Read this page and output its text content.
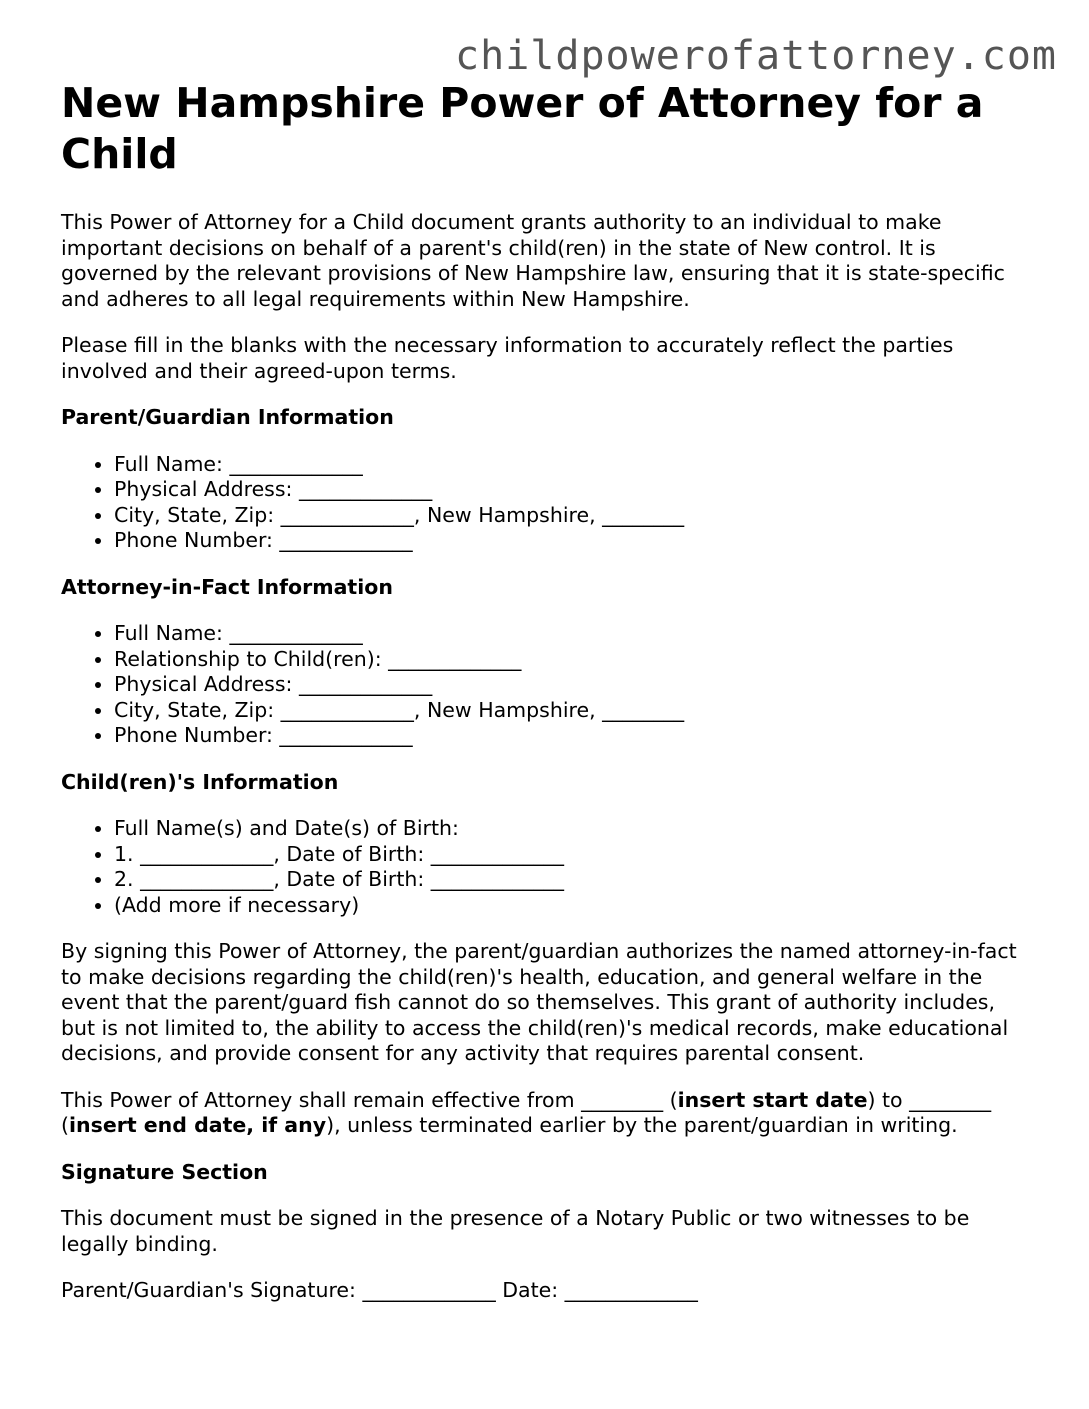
childpowerofattorney.com
New Hampshire Power of Attorney for a Child

This Power of Attorney for a Child document grants authority to an individual to make important decisions on behalf of a parent's child(ren) in the state of New control. It is governed by the relevant provisions of New Hampshire law, ensuring that it is state-specific and adheres to all legal requirements within New Hampshire.

Please fill in the blanks with the necessary information to accurately reflect the parties involved and their agreed-upon terms.

Parent/Guardian Information
• Full Name: _____________
• Physical Address: _____________
• City, State, Zip: _____________, New Hampshire, ________
• Phone Number: _____________
Attorney-in-Fact Information
• Full Name: _____________
• Relationship to Child(ren): _____________
• Physical Address: _____________
• City, State, Zip: _____________, New Hampshire, ________
• Phone Number: _____________
Child(ren)'s Information
• Full Name(s) and Date(s) of Birth:
• 1. _____________, Date of Birth: _____________
• 2. _____________, Date of Birth: _____________
• (Add more if necessary)

By signing this Power of Attorney, the parent/guardian authorizes the named attorney-in-fact to make decisions regarding the child(ren)'s health, education, and general welfare in the event that the parent/guard fish cannot do so themselves. This grant of authority includes, but is not limited to, the ability to access the child(ren)'s medical records, make educational decisions, and provide consent for any activity that requires parental consent.

This Power of Attorney shall remain effective from ________ (insert start date) to ________ (insert end date, if any), unless terminated earlier by the parent/guardian in writing.

Signature Section

This document must be signed in the presence of a Notary Public or two witnesses to be legally binding.

Parent/Guardian's Signature: _____________ Date: _____________
